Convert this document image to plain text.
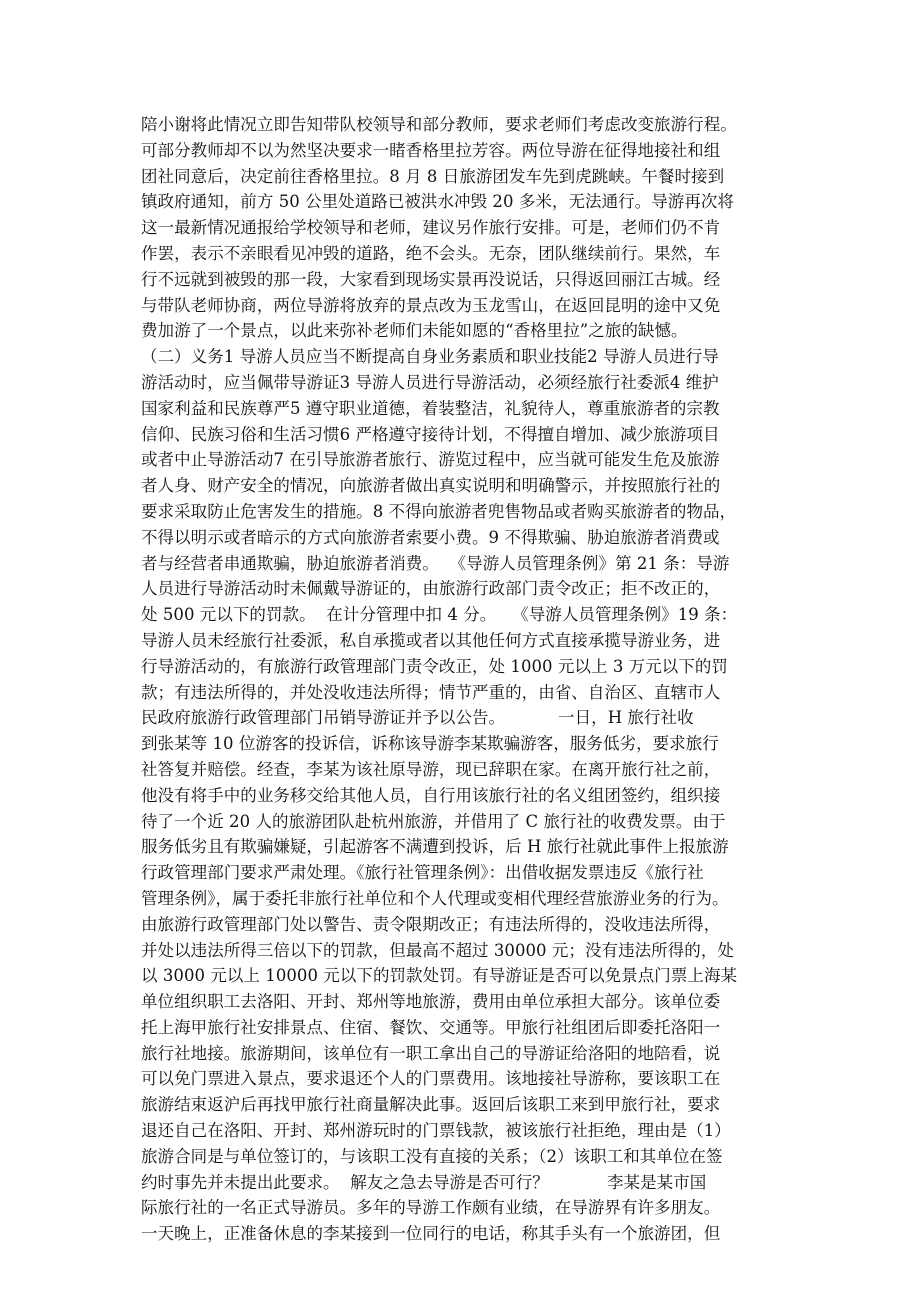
陪小谢将此情况立即告知带队校领导和部分教师，要求老师们考虑改变旅游行程。
可部分教师却不以为然坚决要求一睹香格里拉芳容。两位导游在征得地接社和组
团社同意后，决定前往香格里拉。8 月 8 日旅游团发车先到虎跳峡。午餐时接到
镇政府通知，前方 50 公里处道路已被洪水冲毁 20 多米，无法通行。导游再次将
这一最新情况通报给学校领导和老师，建议另作旅行安排。可是，老师们仍不肯
作罢，表示不亲眼看见冲毁的道路，绝不会头。无奈，团队继续前行。果然，车
行不远就到被毁的那一段，大家看到现场实景再没说话，只得返回丽江古城。经
与带队老师协商，两位导游将放弃的景点改为玉龙雪山，在返回昆明的途中又免
费加游了一个景点，以此来弥补老师们未能如愿的“香格里拉”之旅的缺憾。
（二）义务1 导游人员应当不断提高自身业务素质和职业技能2 导游人员进行导
游活动时，应当佩带导游证3 导游人员进行导游活动，必须经旅行社委派4 维护
国家利益和民族尊严5 遵守职业道德，着装整洁，礼貌待人，尊重旅游者的宗教
信仰、民族习俗和生活习惯6 严格遵守接待计划，不得擅自增加、减少旅游项目
或者中止导游活动7 在引导旅游者旅行、游览过程中，应当就可能发生危及旅游
者人身、财产安全的情况，向旅游者做出真实说明和明确警示，并按照旅行社的
要求采取防止危害发生的措施。8 不得向旅游者兜售物品或者购买旅游者的物品，
不得以明示或者暗示的方式向旅游者索要小费。9 不得欺骗、胁迫旅游者消费或
者与经营者串通欺骗，胁迫旅游者消费。  《导游人员管理条例》第 21 条：导游
人员进行导游活动时未佩戴导游证的，由旅游行政部门责令改正；拒不改正的，
处 500 元以下的罚款。  在计分管理中扣 4 分。   《导游人员管理条例》19 条：
导游人员未经旅行社委派，私自承揽或者以其他任何方式直接承揽导游业务，进
行导游活动的，有旅游行政管理部门责令改正，处 1000 元以上 3 万元以下的罚
款；有违法所得的，并处没收违法所得；情节严重的，由省、自治区、直辖市人
民政府旅游行政管理部门吊销导游证并予以公告。          一日，H 旅行社收
到张某等 10 位游客的投诉信，诉称该导游李某欺骗游客，服务低劣，要求旅行
社答复并赔偿。经查，李某为该社原导游，现已辞职在家。在离开旅行社之前，
他没有将手中的业务移交给其他人员，自行用该旅行社的名义组团签约，组织接
待了一个近 20 人的旅游团队赴杭州旅游，并借用了 C 旅行社的收费发票。由于
服务低劣且有欺骗嫌疑，引起游客不满遭到投诉，后 H 旅行社就此事件上报旅游
行政管理部门要求严肃处理。《旅行社管理条例》：出借收据发票违反《旅行社
管理条例》，属于委托非旅行社单位和个人代理或变相代理经营旅游业务的行为。
由旅游行政管理部门处以警告、责令限期改正；有违法所得的，没收违法所得，
并处以违法所得三倍以下的罚款，但最高不超过 30000 元；没有违法所得的，处
以 3000 元以上 10000 元以下的罚款处罚。有导游证是否可以免景点门票上海某
单位组织职工去洛阳、开封、郑州等地旅游，费用由单位承担大部分。该单位委
托上海甲旅行社安排景点、住宿、餐饮、交通等。甲旅行社组团后即委托洛阳一
旅行社地接。旅游期间，该单位有一职工拿出自己的导游证给洛阳的地陪看，说
可以免门票进入景点，要求退还个人的门票费用。该地接社导游称，要该职工在
旅游结束返沪后再找甲旅行社商量解决此事。返回后该职工来到甲旅行社，要求
退还自己在洛阳、开封、郑州游玩时的门票钱款，被该旅行社拒绝，理由是（1）
旅游合同是与单位签订的，与该职工没有直接的关系；（2）该职工和其单位在签
约时事先并未提出此要求。  解友之急去导游是否可行？           李某是某市国
际旅行社的一名正式导游员。多年的导游工作颇有业绩，在导游界有许多朋友。
一天晚上，正准备休息的李某接到一位同行的电话，称其手头有一个旅游团，但
